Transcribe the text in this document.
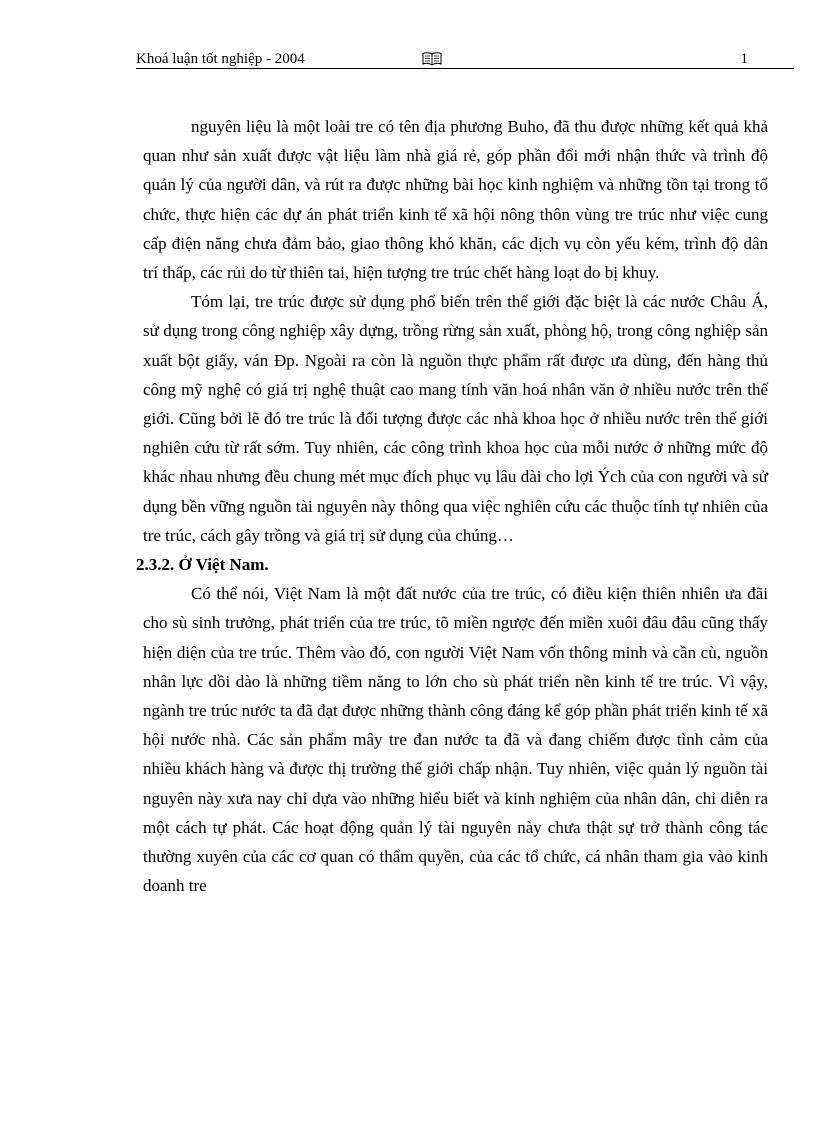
Khoá luận tốt nghiệp - 2004	1

nguyên liệu là một loài tre có tên địa phương Buho, đã thu được những kết quả khả quan như sản xuất được vật liệu làm nhà giá rẻ, góp phần đổi mới nhận thức và trình độ quản lý của người dân, và rút ra được những bài học kinh nghiệm và những tồn tại trong tổ chức, thực hiện các dự án phát triển kinh tế xã hội nông thôn vùng tre trúc như việc cung cấp điện năng chưa đảm bảo, giao thông khó khăn, các dịch vụ còn yếu kém, trình độ dân trí thấp, các rủi do từ thiên tai, hiện tượng tre trúc chết hàng loạt do bị khuy.

Tóm lại, tre trúc được sử dụng phổ biến trên thế giới đặc biệt là các nước Châu Á, sử dụng trong công nghiệp xây dựng, trồng rừng sản xuất, phòng hộ, trong công nghiệp sản xuất bột giấy, ván Đp. Ngoài ra còn là nguồn thực phẩm rất được ưa dùng, đến hàng thủ công mỹ nghệ có giá trị nghệ thuật cao mang tính văn hoá nhân văn ở nhiều nước trên thế giới. Cũng bởi lẽ đó tre trúc là đối tượng được các nhà khoa học ở nhiều nước trên thế giới nghiên cứu từ rất sớm. Tuy nhiên, các công trình khoa học của mỗi nước ở những mức độ khác nhau nhưng đều chung mét mục đích phục vụ lâu dài cho lợi Ých của con người và sử dụng bền vững nguồn tài nguyên này thông qua việc nghiên cứu các thuộc tính tự nhiên của tre trúc, cách gây trồng và giá trị sử dụng của chúng…

2.3.2. Ở Việt Nam.

Có thể nói, Việt Nam là một đất nước của tre trúc, có điều kiện thiên nhiên ưa đãi cho sù sinh trưởng, phát triển của tre trúc, tõ miền ngược đến miền xuôi đâu đâu cũng thấy hiện diện của tre trúc. Thêm vào đó, con người Việt Nam vốn thông minh và cần cù, nguồn nhân lực dồi dào là những tiềm năng to lớn cho sù phát triển nền kinh tế tre trúc. Vì vậy, ngành tre trúc nước ta đã đạt được những thành công đáng kể góp phần phát triển kinh tế xã hội nước nhà. Các sản phẩm mây tre đan nước ta đã và đang chiếm được tình cảm của nhiều khách hàng và được thị trường thế giới chấp nhận. Tuy nhiên, việc quản lý nguồn tài nguyên này xưa nay chỉ dựa vào những hiểu biết và kinh nghiệm của nhân dân, chỉ diễn ra một cách tự phát. Các hoạt động quản lý tài nguyên này chưa thật sự trở thành công tác thường xuyên của các cơ quan có thẩm quyền, của các tổ chức, cá nhân tham gia vào kinh doanh tre
